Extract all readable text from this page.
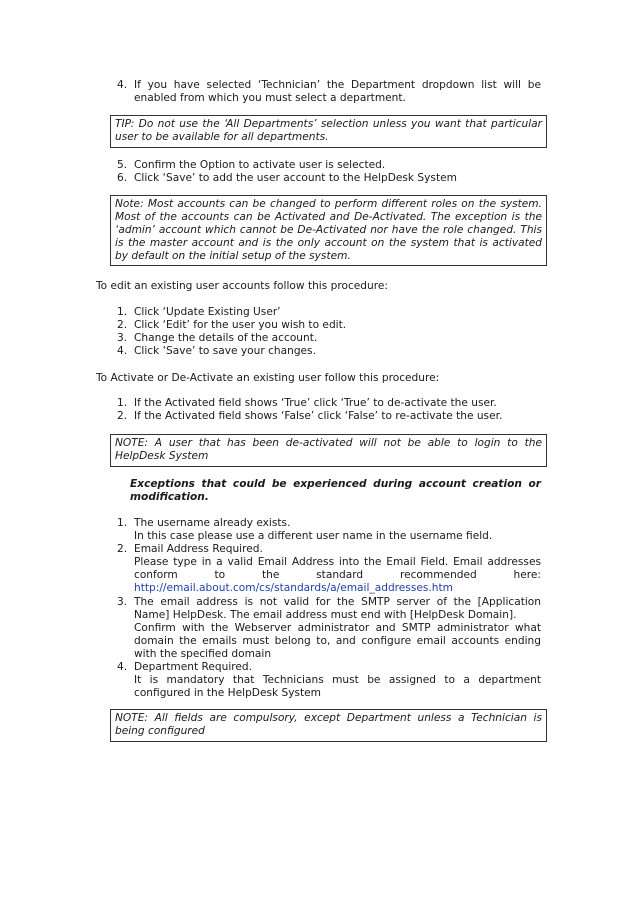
4. If you have selected ‘Technician’ the Department dropdown list will be
enabled from which you must select a department.
TIP: Do not use the ‘All Departments’ selection unless you want that particular
user to be available for all departments.
5. Confirm the Option to activate user is selected.
6. Click ‘Save’ to add the user account to the HelpDesk System
Note: Most accounts can be changed to perform different roles on the system.
Most of the accounts can be Activated and De-Activated. The exception is the
‘admin’ account which cannot be De-Activated nor have the role changed. This
is the master account and is the only account on the system that is activated
by default on the initial setup of the system.
To edit an existing user accounts follow this procedure:
1. Click ‘Update Existing User’
2. Click ‘Edit’ for the user you wish to edit.
3. Change the details of the account.
4. Click ‘Save’ to save your changes.
To Activate or De-Activate an existing user follow this procedure:
1. If the Activated field shows ‘True’ click ‘True’ to de-activate the user.
2. If the Activated field shows ‘False’ click ‘False’ to re-activate the user.
NOTE: A user that has been de-activated will not be able to login to the
HelpDesk System
Exceptions that could be experienced during account creation or
modification.
1. The username already exists.
In this case please use a different user name in the username field.
2. Email Address Required.
Please type in a valid Email Address into the Email Field. Email addresses
conform to the standard recommended here:
http://email.about.com/cs/standards/a/email_addresses.htm
3. The email address is not valid for the SMTP server of the [Application
Name] HelpDesk. The email address must end with [HelpDesk Domain].
Confirm with the Webserver administrator and SMTP administrator what
domain the emails must belong to, and configure email accounts ending
with the specified domain
4. Department Required.
It is mandatory that Technicians must be assigned to a department
configured in the HelpDesk System
NOTE: All fields are compulsory, except Department unless a Technician is
being configured
